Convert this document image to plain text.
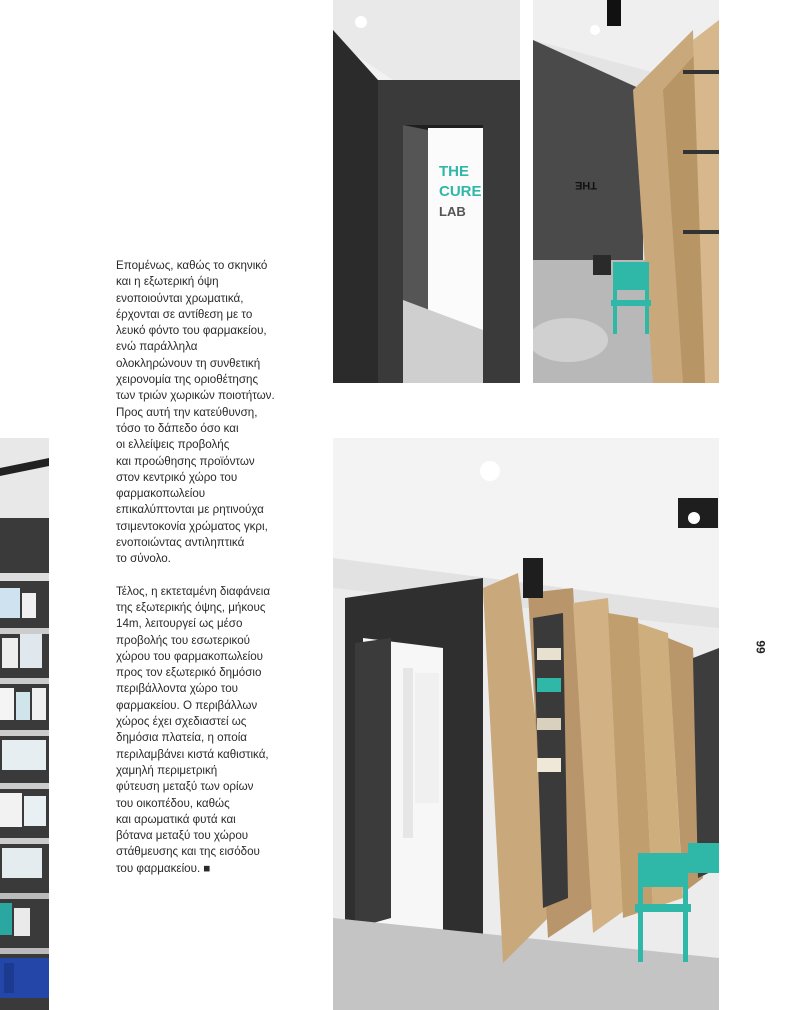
THE
CURE
LAB
THE

Επομένως, καθώς το σκηνικό
και η εξωτερική όψη
ενοποιούνται χρωματικά,
έρχονται σε αντίθεση με το
λευκό φόντο του φαρμακείου,
ενώ παράλληλα
ολοκληρώνουν τη συνθετική
χειρονομία της οριοθέτησης
των τριών χωρικών ποιοτήτων.
Προς αυτή την κατεύθυνση,
τόσο το δάπεδο όσο και
οι ελλείψεις προβολής
και προώθησης προϊόντων
στον κεντρικό χώρο του
φαρμακοπωλείου
επικαλύπτονται με ρητινούχα
τσιμεντοκονία χρώματος γκρι,
ενοποιώντας αντιληπτικά
το σύνολο.

Τέλος, η εκτεταμένη διαφάνεια
της εξωτερικής όψης, μήκους
14m, λειτουργεί ως μέσο
προβολής του εσωτερικού
χώρου του φαρμακοπωλείου
προς τον εξωτερικό δημόσιο
περιβάλλοντα χώρο του
φαρμακείου. Ο περιβάλλων
χώρος έχει σχεδιαστεί ως
δημόσια πλατεία, η οποία
περιλαμβάνει κιστά καθιστικά,
χαμηλή περιμετρική
φύτευση μεταξύ των ορίων
του οικοπέδου, καθώς
και αρωματικά φυτά και
βότανα μεταξύ του χώρου
στάθμευσης και της εισόδου
του φαρμακείου. ■

99
